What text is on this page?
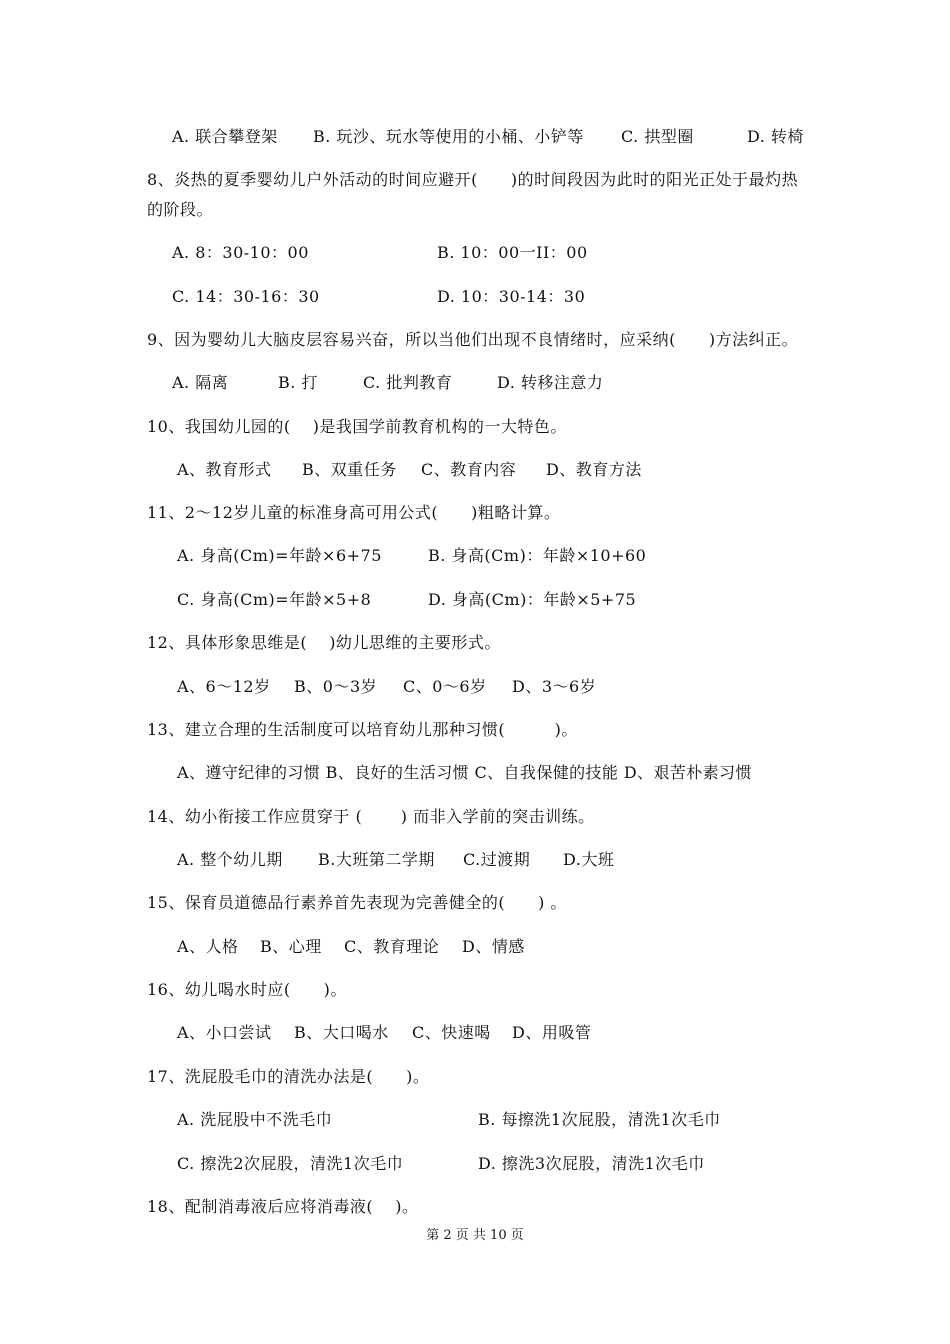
A. 联合攀登架 B. 玩沙、玩水等使用的小桶、小铲等 C. 拱型圈	D. 转椅
8、炎热的夏季婴幼儿户外活动的时间应避开(　　)的时间段因为此时的阳光正处于最灼热
的阶段。
A. 8：30-10：00	B. 10：00一II：00
C. 14：30-16：30	D. 10：30-14：30
9、因为婴幼儿大脑皮层容易兴奋，所以当他们出现不良情绪时，应采纳(　　)方法纠正。
A. 隔离	B. 打	C. 批判教育	D. 转移注意力
10、我国幼儿园的(　 )是我国学前教育机构的一大特色。
A、教育形式 B、双重任务 C、教育内容 D、教育方法
11、2～12岁儿童的标准身高可用公式(　　)粗略计算。
A. 身高(Cm)=年龄×6+75	B. 身高(Cm)：年龄×10+60
C. 身高(Cm)=年龄×5+8	D. 身高(Cm)：年龄×5+75
12、具体形象思维是(　 )幼儿思维的主要形式。
A、6～12岁 B、0～3岁 C、0～6岁 D、3～6岁
13、建立合理的生活制度可以培育幼儿那种习惯(　　　)。
A、遵守纪律的习惯 B、良好的生活习惯 C、自我保健的技能 D、艰苦朴素习惯
14、幼小衔接工作应贯穿于 (　　 ) 而非入学前的突击训练。
A. 整个幼儿期 B.大班第二学期 C.过渡期 D.大班
15、保育员道德品行素养首先表现为完善健全的(　　) 。
A、人格 B、心理 C、教育理论 D、情感
16、幼儿喝水时应(　　)。
A、小口尝试 B、大口喝水 C、快速喝 D、用吸管
17、洗屁股毛巾的清洗办法是(　　)。
A. 洗屁股中不洗毛巾	B. 每擦洗1次屁股，清洗1次毛巾
C. 擦洗2次屁股，清洗1次毛巾	D. 擦洗3次屁股，清洗1次毛巾
18、配制消毒液后应将消毒液(　 )。
第 2 页 共 10 页
